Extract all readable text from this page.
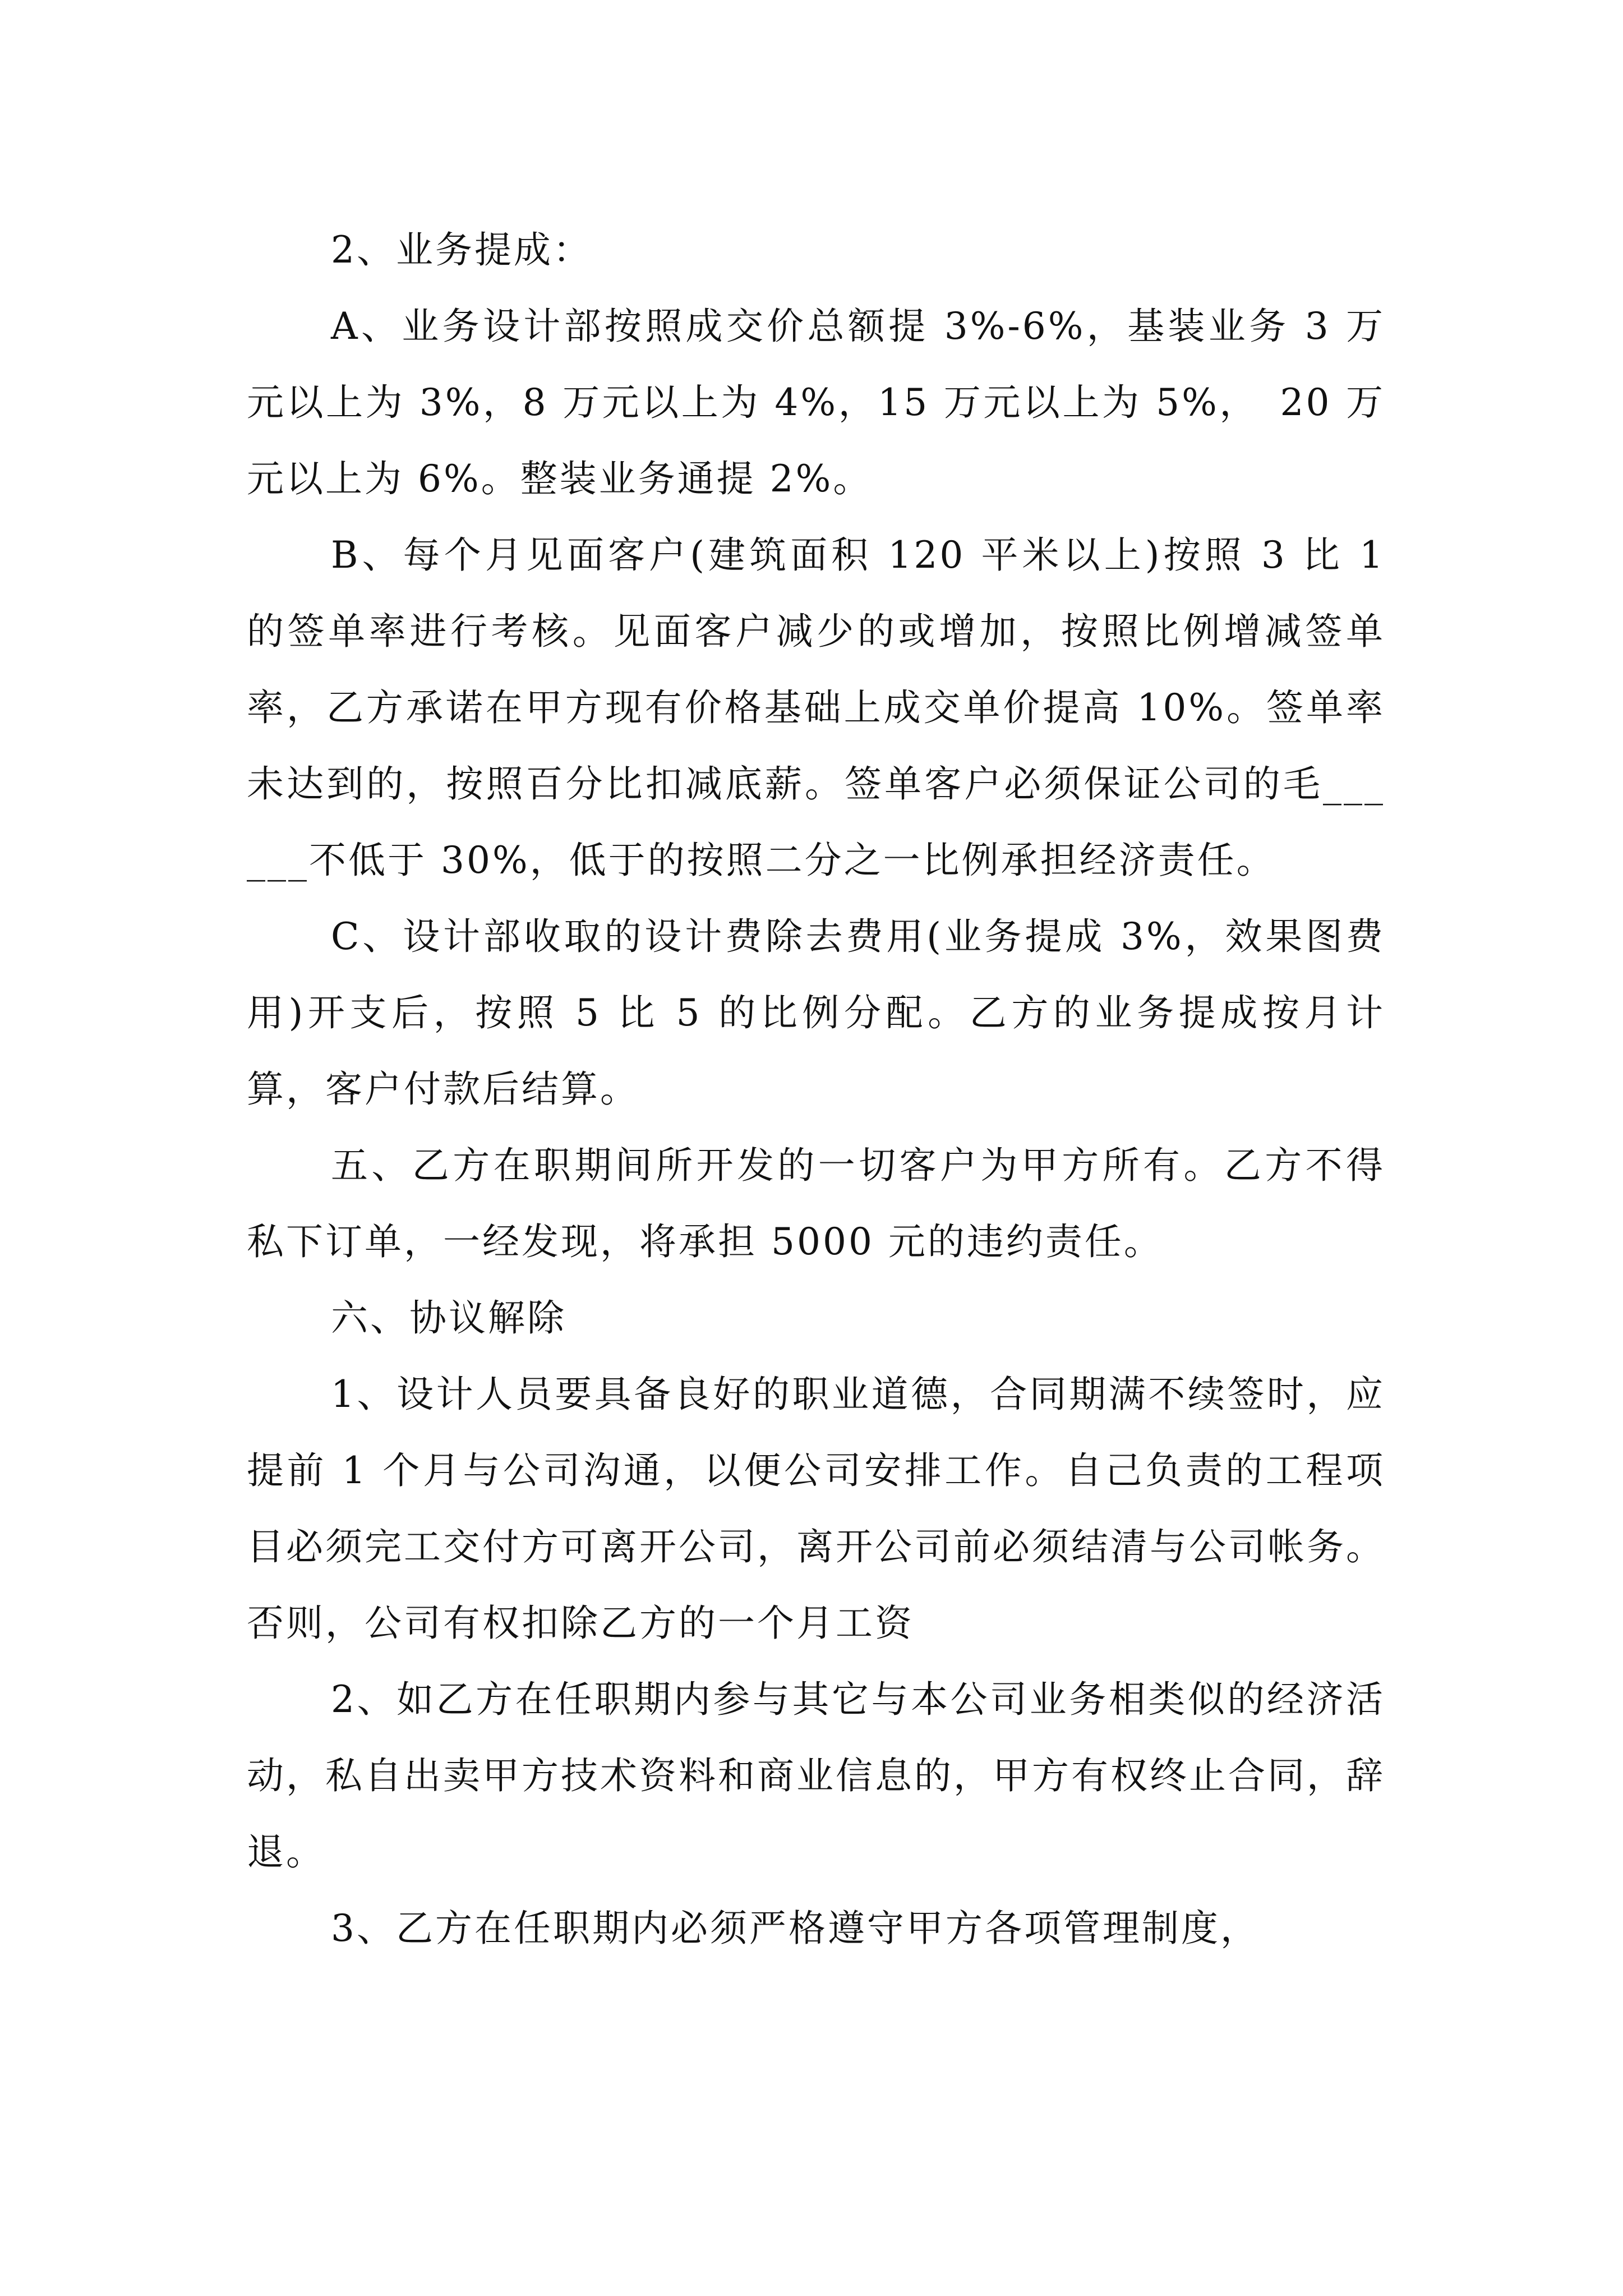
2、业务提成：

A、业务设计部按照成交价总额提 3%-6%，基装业务 3 万元以上为 3%，8 万元以上为 4%，15 万元以上为 5%，　20 万元以上为 6%。整装业务通提 2%。

B、每个月见面客户(建筑面积 120 平米以上)按照 3 比 1 的签单率进行考核。见面客户减少的或增加，按照比例增减签单率，乙方承诺在甲方现有价格基础上成交单价提高 10%。签单率未达到的，按照百分比扣减底薪。签单客户必须保证公司的毛______不低于 30%，低于的按照二分之一比例承担经济责任。

C、设计部收取的设计费除去费用(业务提成 3%，效果图费用)开支后，按照 5 比 5 的比例分配。乙方的业务提成按月计算，客户付款后结算。

五、乙方在职期间所开发的一切客户为甲方所有。乙方不得私下订单，一经发现，将承担 5000 元的违约责任。

六、协议解除

1、设计人员要具备良好的职业道德，合同期满不续签时，应提前 1 个月与公司沟通，以便公司安排工作。自己负责的工程项目必须完工交付方可离开公司，离开公司前必须结清与公司帐务。否则，公司有权扣除乙方的一个月工资

2、如乙方在任职期内参与其它与本公司业务相类似的经济活动，私自出卖甲方技术资料和商业信息的，甲方有权终止合同，辞退。

3、乙方在任职期内必须严格遵守甲方各项管理制度，
